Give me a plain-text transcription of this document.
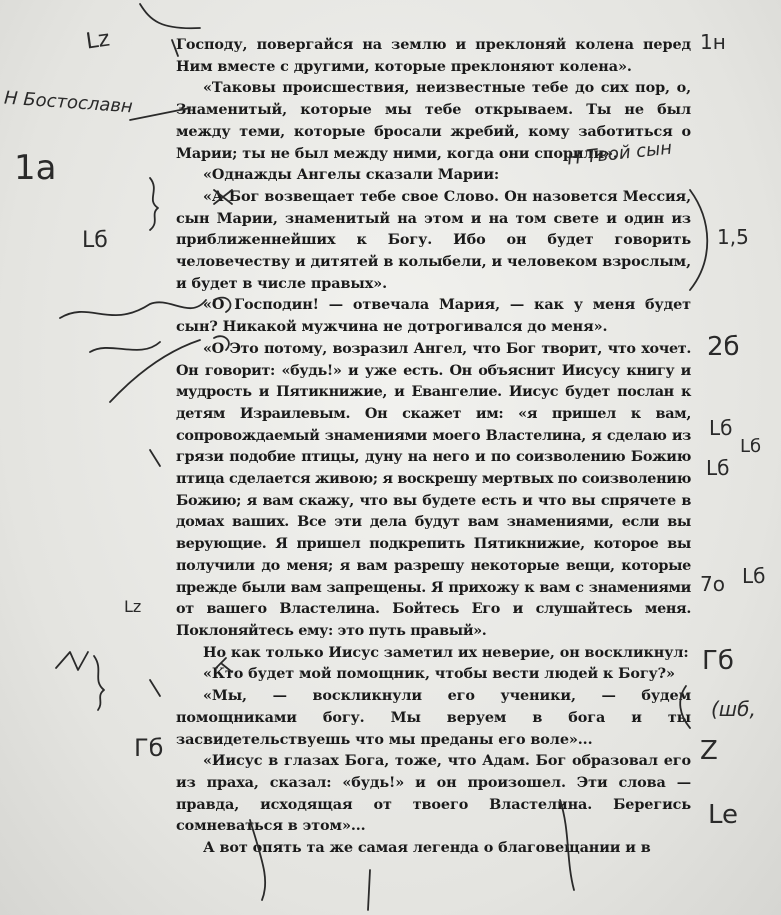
Господу, повергайся на землю и преклоняй колена перед Ним вместе с другими, которые преклоняют колена».

«Таковы происшествия, неизвестные тебе до сих пор, о, Знаменитый, которые мы тебе открываем. Ты не был между теми, которые бросали жребий, кому заботиться о Марии; ты не был между ними, когда они спорили».

«Однажды Ангелы сказали Марии:

«А Бог возвещает тебе свое Слово. Он назовется Мессия, сын Марии, знаменитый на этом и на том свете и один из приближеннейших к Богу. Ибо он будет говорить человечеству и дитятей в колыбели, и человеком взрослым, и будет в числе правых».

«О Господин! — отвечала Мария, — как у меня будет сын? Никакой мужчина не дотрогивался до меня».

«О Это потому, возразил Ангел, что Бог творит, что хочет. Он говорит: «будь!» и уже есть. Он объяснит Иисусу книгу и мудрость и Пятикнижие, и Евангелие. Иисус будет послан к детям Израилевым. Он скажет им: «я пришел к вам, сопровождаемый знамениями моего Властелина, я сделаю из грязи подобие птицы, дуну на него и по соизволению Божию птица сделается живою; я воскрешу мертвых по соизволению Божию; я вам скажу, что вы будете есть и что вы спрячете в домах ваших. Все эти дела будут вам знамениями, если вы верующие. Я пришел подкрепить Пятикнижие, которое вы получили до меня; я вам разрешу некоторые вещи, которые прежде были вам запрещены. Я прихожу к вам с знамениями от вашего Властелина. Бойтесь Его и слушайтесь меня. Поклоняйтесь ему: это путь правый».

Но как только Иисус заметил их неверие, он воскликнул:

«Кто будет мой помощник, чтобы вести людей к Богу?»

«Мы, — воскликнули его ученики, — будем помощниками богу. Мы веруем в бога и ты засвидетельствуешь что мы преданы его воле»...

«Иисус в глазах Бога, тоже, что Адам. Бог образовал его из праха, сказал: «будь!» и он произошел. Эти слова — правда, исходящая от твоего Властелина. Берегись сомневаться в этом»...

А вот опять та же самая легенда о благовещании и в

Lz	1н
Н Бостославн
Н Твой сын
1a
Lб	1,5
2б
Lб
Lб
Lб
7o Lб
Lz
Гб
(шб,
Гб	Z
Le
